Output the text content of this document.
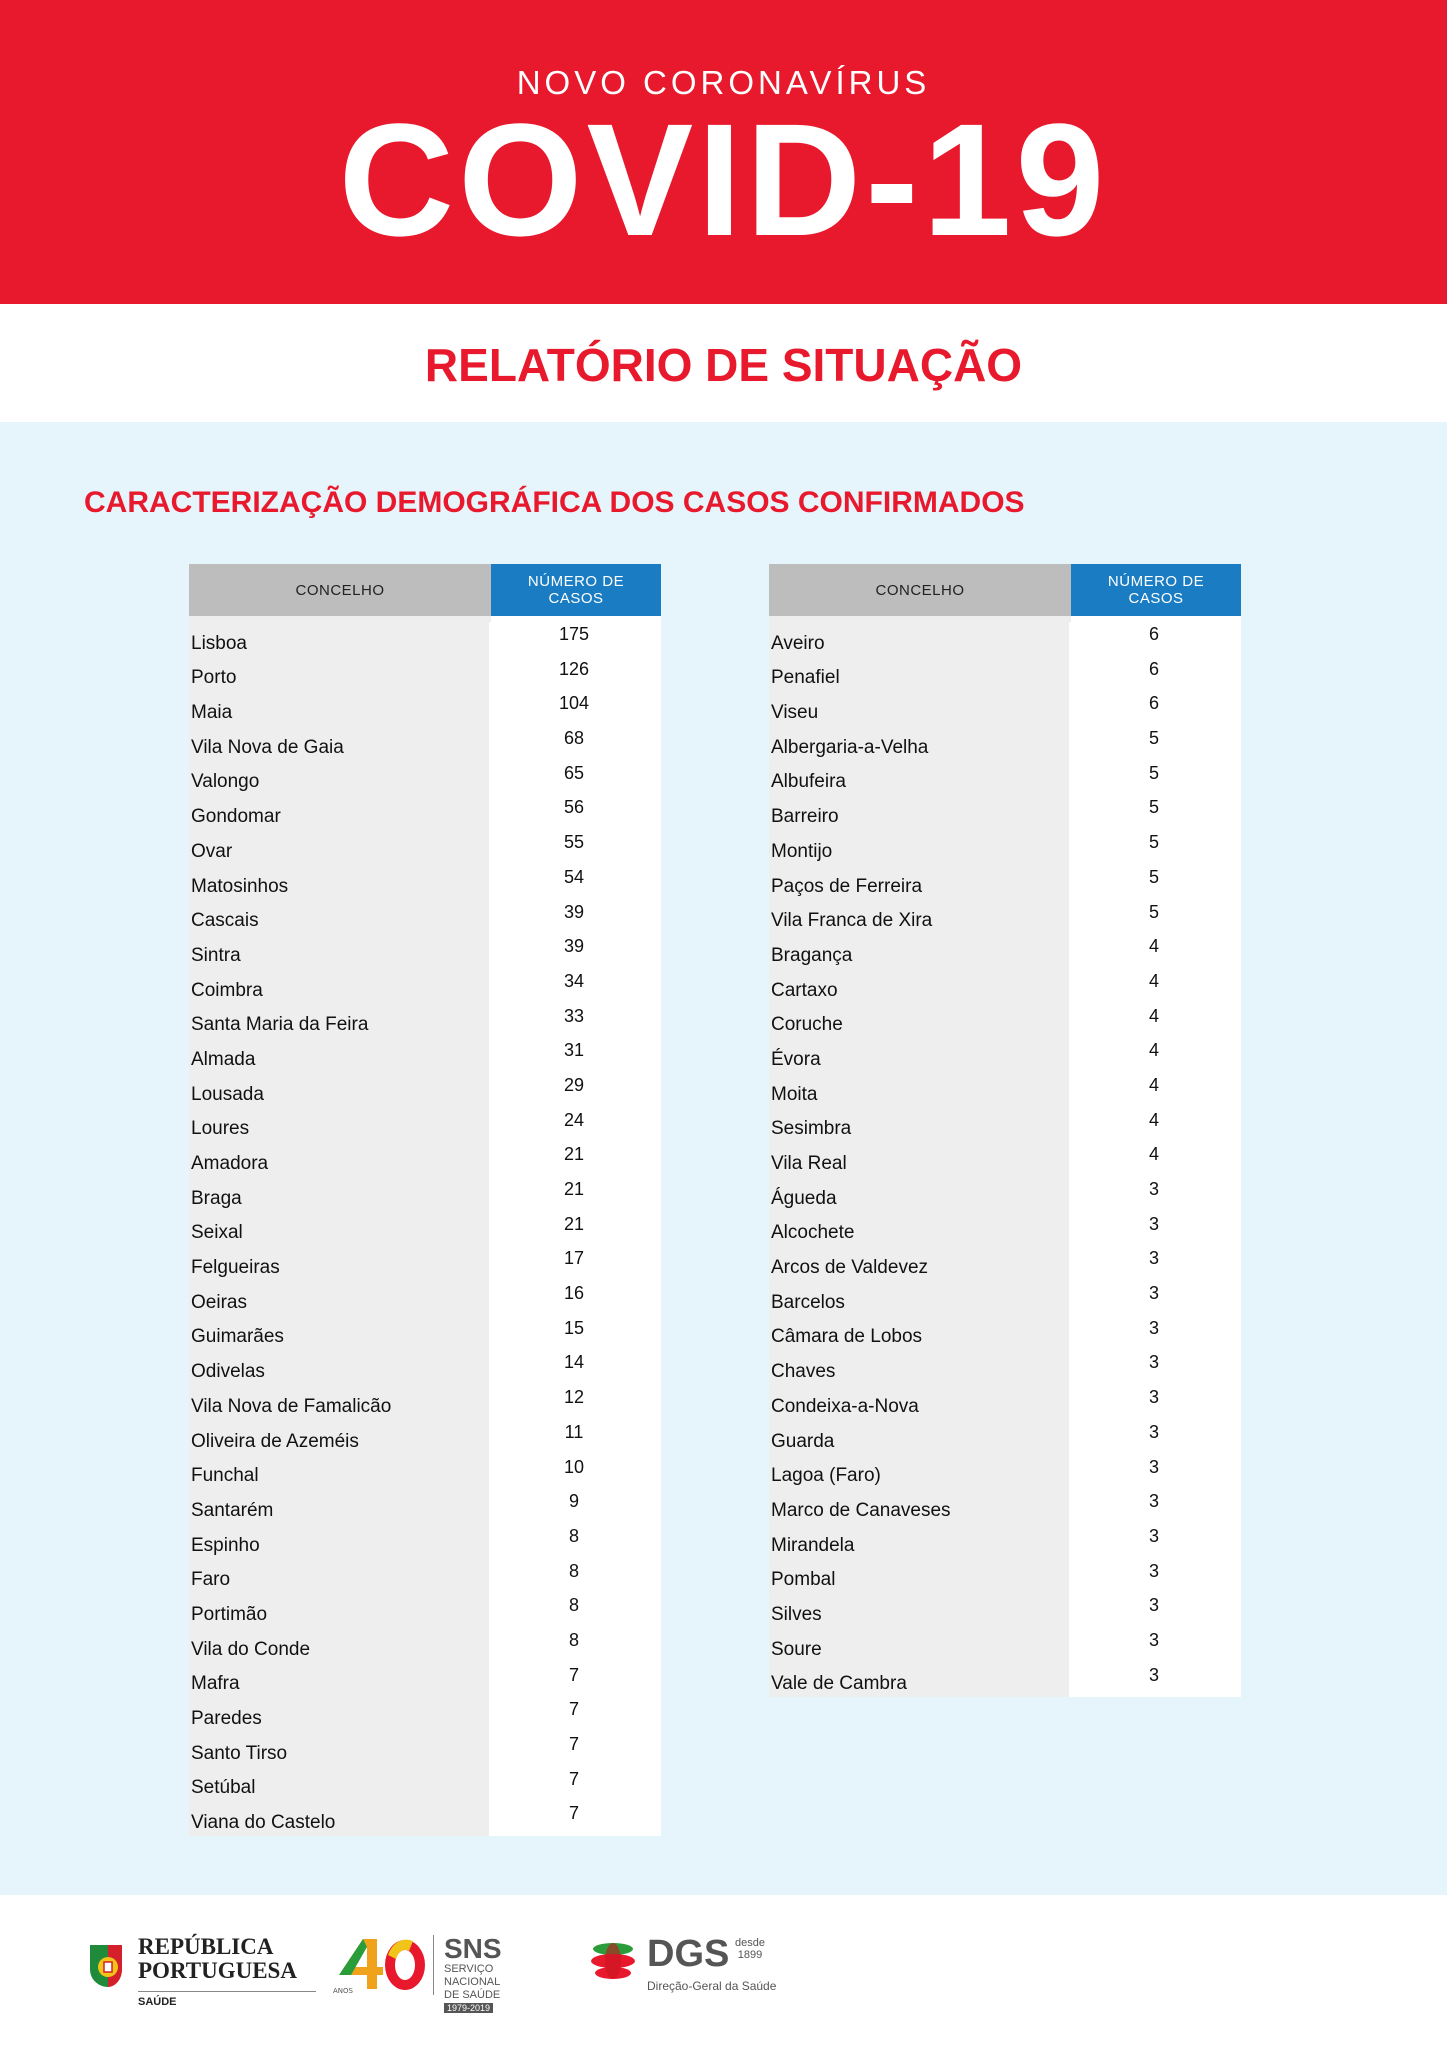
NOVO CORONAVÍRUS
COVID-19
RELATÓRIO DE SITUAÇÃO
CARACTERIZAÇÃO DEMOGRÁFICA DOS CASOS CONFIRMADOS
CONCELHO	NÚMERO DE
CASOS
Lisboa	175
Porto	126
Maia	104
Vila Nova de Gaia	68
Valongo	65
Gondomar	56
Ovar	55
Matosinhos	54
Cascais	39
Sintra	39
Coimbra	34
Santa Maria da Feira	33
Almada	31
Lousada	29
Loures	24
Amadora	21
Braga	21
Seixal	21
Felgueiras	17
Oeiras	16
Guimarães	15
Odivelas	14
Vila Nova de Famalicão	12
Oliveira de Azeméis	11
Funchal	10
Santarém	9
Espinho	8
Faro	8
Portimão	8
Vila do Conde	8
Mafra	7
Paredes	7
Santo Tirso	7
Setúbal	7
Viana do Castelo	7
CONCELHO	NÚMERO DE
CASOS
Aveiro	6
Penafiel	6
Viseu	6
Albergaria-a-Velha	5
Albufeira	5
Barreiro	5
Montijo	5
Paços de Ferreira	5
Vila Franca de Xira	5
Bragança	4
Cartaxo	4
Coruche	4
Évora	4
Moita	4
Sesimbra	4
Vila Real	4
Águeda	3
Alcochete	3
Arcos de Valdevez	3
Barcelos	3
Câmara de Lobos	3
Chaves	3
Condeixa-a-Nova	3
Guarda	3
Lagoa (Faro)	3
Marco de Canaveses	3
Mirandela	3
Pombal	3
Silves	3
Soure	3
Vale de Cambra	3
REPÚBLICA
PORTUGUESA
SAÚDE
ANOS
SNS
SERVIÇO NACIONAL
DE SAÚDE 1979-2019
DGS desde
1899
Direção-Geral da Saúde
